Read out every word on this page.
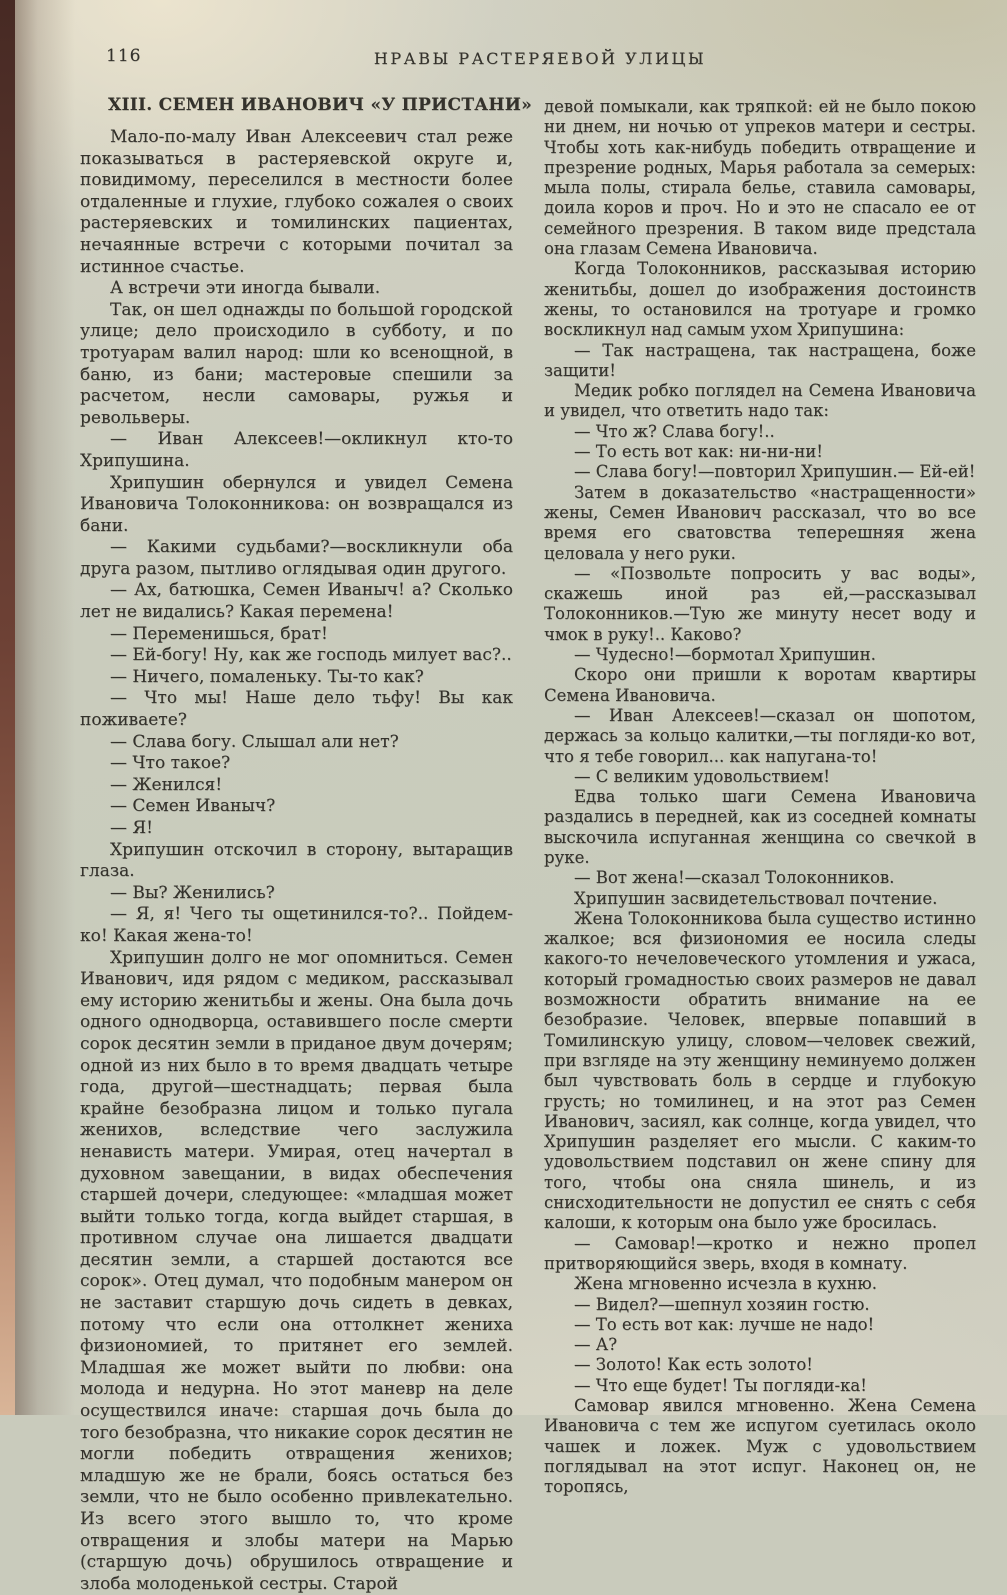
116	НРАВЫ РАСТЕРЯЕВОЙ УЛИЦЫ
XIII. СЕМЕН ИВАНОВИЧ «У ПРИСТАНИ»

Мало-по-малу Иван Алексеевич стал реже показываться в растеряевской округе и, повидимому, переселился в местности более отдаленные и глухие, глубоко сожалея о своих растеряевских и томилинских пациентах, нечаянные встречи с которыми почитал за истинное счастье.

А встречи эти иногда бывали.

Так, он шел однажды по большой городской улице; дело происходило в субботу, и по тротуарам валил народ: шли ко всенощной, в баню, из бани; мастеровые спешили за расчетом, несли самовары, ружья и револьверы.

— Иван Алексеев!—окликнул кто-то Хрипушина.

Хрипушин обернулся и увидел Семена Ивановича Толоконникова: он возвращался из бани.

— Какими судьбами?—воскликнули оба друга разом, пытливо оглядывая один другого.

— Ах, батюшка, Семен Иваныч! а? Сколько лет не видались? Какая перемена!

— Переменишься, брат!

— Ей-богу! Ну, как же господь милует вас?..

— Ничего, помаленьку. Ты-то как?

— Что мы! Наше дело тьфу! Вы как поживаете?

— Слава богу. Слышал али нет?

— Что такое?

— Женился!

— Семен Иваныч?

— Я!

Хрипушин отскочил в сторону, вытаращив глаза.

— Вы? Женились?

— Я, я! Чего ты ощетинился-то?.. Пойдем-ко! Какая жена-то!

Хрипушин долго не мог опомниться. Семен Иванович, идя рядом с медиком, рассказывал ему историю женитьбы и жены. Она была дочь одного однодворца, оставившего после смерти сорок десятин земли в приданое двум дочерям; одной из них было в то время двадцать четыре года, другой—шестнадцать; первая была крайне безобразна лицом и только пугала женихов, вследствие чего заслужила ненависть матери. Умирая, отец начертал в духовном завещании, в видах обеспечения старшей дочери, следующее: «младшая может выйти только тогда, когда выйдет старшая, в противном случае она лишается двадцати десятин земли, а старшей достаются все сорок». Отец думал, что подобным манером он не заставит старшую дочь сидеть в девках, потому что если она оттолкнет жениха физиономией, то притянет его землей. Младшая же может выйти по любви: она молода и недурна. Но этот маневр на деле осуществился иначе: старшая дочь была до того безобразна, что никакие сорок десятин не могли победить отвращения женихов; младшую же не брали, боясь остаться без земли, что не было особенно привлекательно. Из всего этого вышло то, что кроме отвращения и злобы матери на Марью (старшую дочь) обрушилось отвращение и злоба молоденькой сестры. Старой

девой помыкали, как тряпкой: ей не было покою ни днем, ни ночью от упреков матери и сестры. Чтобы хоть как-нибудь победить отвращение и презрение родных, Марья работала за семерых: мыла полы, стирала белье, ставила самовары, доила коров и проч. Но и это не спасало ее от семейного презрения. В таком виде предстала она глазам Семена Ивановича.

Когда Толоконников, рассказывая историю женитьбы, дошел до изображения достоинств жены, то остановился на тротуаре и громко воскликнул над самым ухом Хрипушина:

— Так настращена, так настращена, боже защити!

Медик робко поглядел на Семена Ивановича и увидел, что ответить надо так:

— Что ж? Слава богу!..

— То есть вот как: ни-ни-ни!

— Слава богу!—повторил Хрипушин.— Ей-ей!

Затем в доказательство «настращенности» жены, Семен Иванович рассказал, что во все время его сватовства теперешняя жена целовала у него руки.

— «Позвольте попросить у вас воды», скажешь иной раз ей,—рассказывал Толоконников.—Тую же минуту несет воду и чмок в руку!.. Каково?

— Чудесно!—бормотал Хрипушин.

Скоро они пришли к воротам квартиры Семена Ивановича.

— Иван Алексеев!—сказал он шопотом, держась за кольцо калитки,—ты погляди-ко вот, что я тебе говорил... как напугана-то!

— С великим удовольствием!

Едва только шаги Семена Ивановича раздались в передней, как из соседней комнаты выскочила испуганная женщина со свечкой в руке.

— Вот жена!—сказал Толоконников.

Хрипушин засвидетельствовал почтение.

Жена Толоконникова была существо истинно жалкое; вся физиономия ее носила следы какого-то нечеловеческого утомления и ужаса, который громадностью своих размеров не давал возможности обратить внимание на ее безобразие. Человек, впервые попавший в Томилинскую улицу, словом—человек свежий, при взгляде на эту женщину неминуемо должен был чувствовать боль в сердце и глубокую грусть; но томилинец, и на этот раз Семен Иванович, засиял, как солнце, когда увидел, что Хрипушин разделяет его мысли. С каким-то удовольствием подставил он жене спину для того, чтобы она сняла шинель, и из снисходительности не допустил ее снять с себя калоши, к которым она было уже бросилась.

— Самовар!—кротко и нежно пропел притворяющийся зверь, входя в комнату.

Жена мгновенно исчезла в кухню.

— Видел?—шепнул хозяин гостю.

— То есть вот как: лучше не надо!

— А?

— Золото! Как есть золото!

— Что еще будет! Ты погляди-ка!

Самовар явился мгновенно. Жена Семена Ивановича с тем же испугом суетилась около чашек и ложек. Муж с удовольствием поглядывал на этот испуг. Наконец он, не торопясь,
